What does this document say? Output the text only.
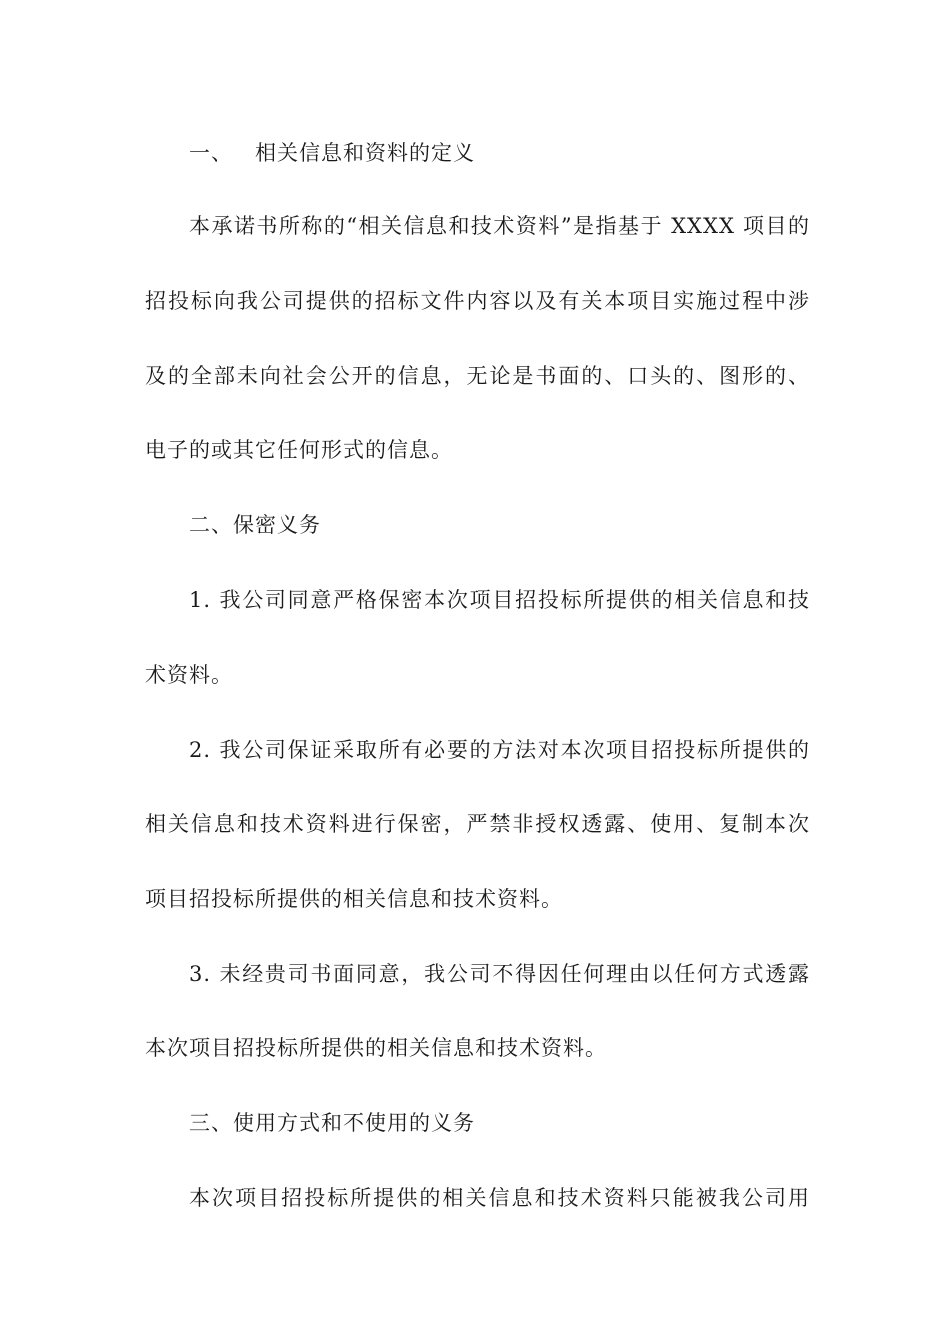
一、 相关信息和资料的定义
本承诺书所称的“相关信息和技术资料”是指基于 XXXX 项目的
招投标向我公司提供的招标文件内容以及有关本项目实施过程中涉
及的全部未向社会公开的信息，无论是书面的、口头的、图形的、
电子的或其它任何形式的信息。
二、保密义务
1. 我公司同意严格保密本次项目招投标所提供的相关信息和技
术资料。
2. 我公司保证采取所有必要的方法对本次项目招投标所提供的
相关信息和技术资料进行保密，严禁非授权透露、使用、复制本次
项目招投标所提供的相关信息和技术资料。
3. 未经贵司书面同意，我公司不得因任何理由以任何方式透露
本次项目招投标所提供的相关信息和技术资料。
三、使用方式和不使用的义务
本次项目招投标所提供的相关信息和技术资料只能被我公司用
